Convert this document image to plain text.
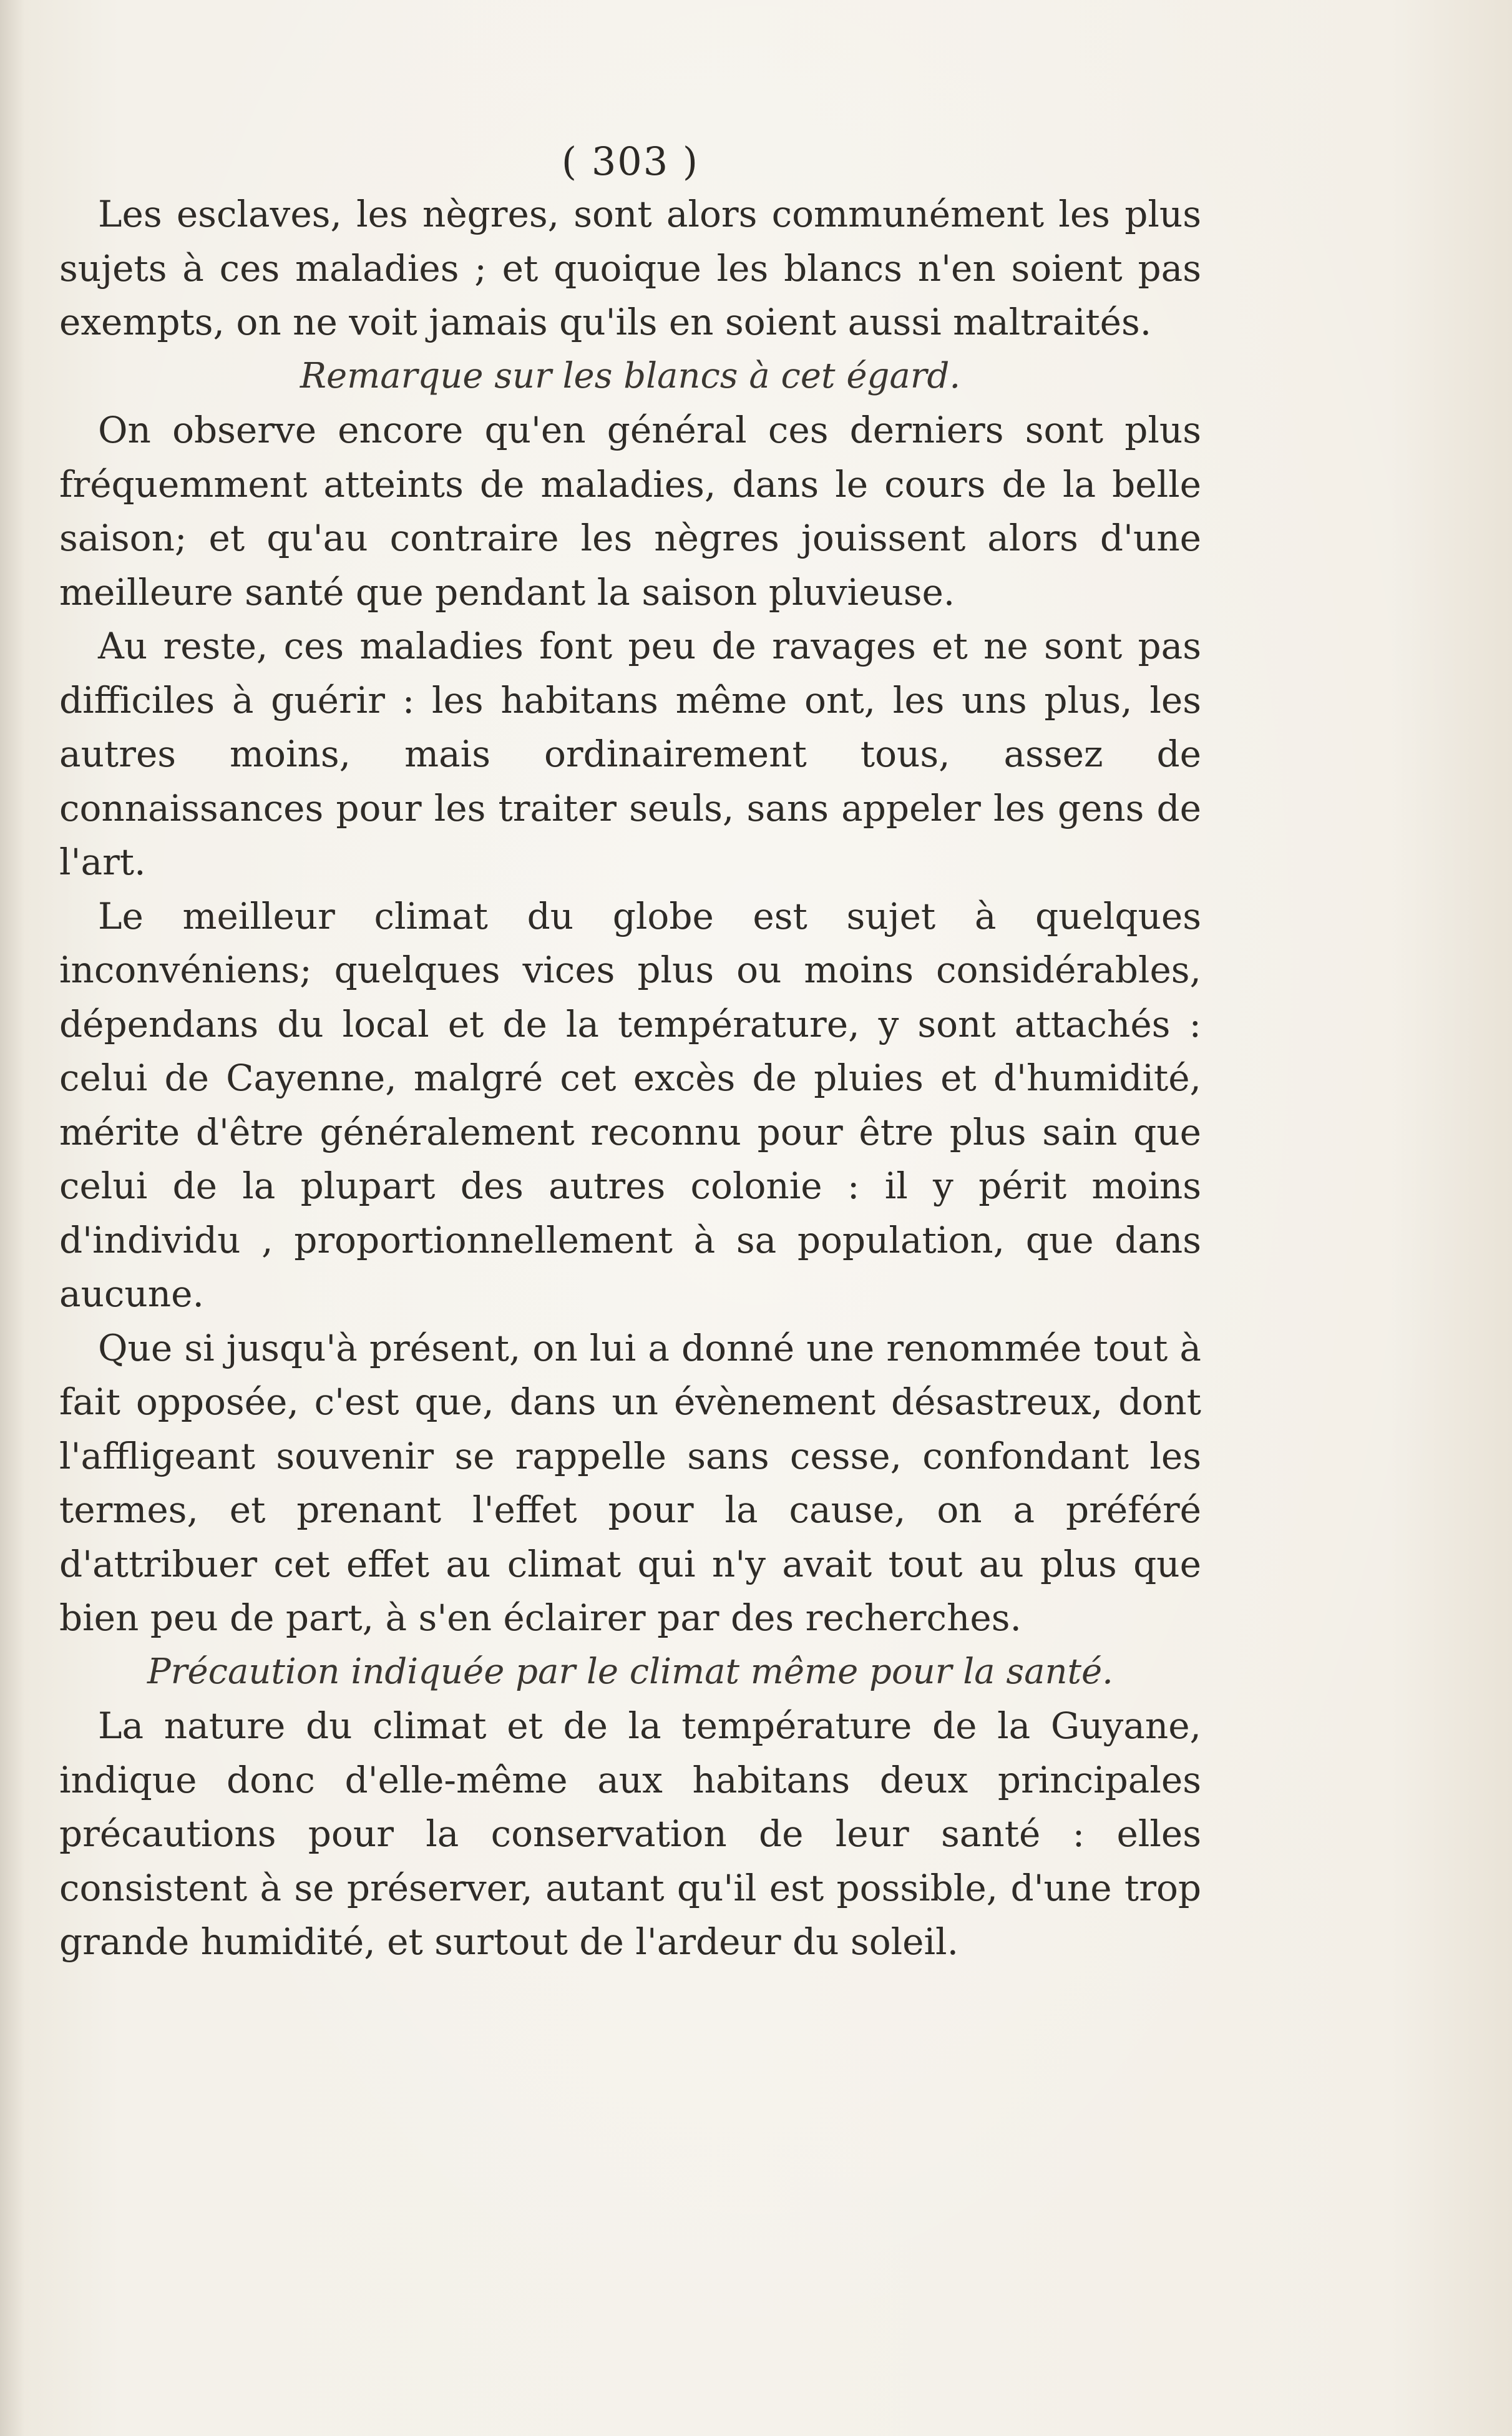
( 303 )

Les esclaves, les nègres, sont alors communément les plus sujets à ces maladies ; et quoique les blancs n'en soient pas exempts, on ne voit jamais qu'ils en soient aussi maltraités.

Remarque sur les blancs à cet égard.

On observe encore qu'en général ces derniers sont plus fréquemment atteints de maladies, dans le cours de la belle saison; et qu'au contraire les nègres jouissent alors d'une meilleure santé que pendant la saison pluvieuse.

Au reste, ces maladies font peu de ravages et ne sont pas difficiles à guérir : les habitans même ont, les uns plus, les autres moins, mais ordinairement tous, assez de connaissances pour les traiter seuls, sans appeler les gens de l'art.

Le meilleur climat du globe est sujet à quelques inconvéniens; quelques vices plus ou moins considérables, dépendans du local et de la température, y sont attachés : celui de Cayenne, malgré cet excès de pluies et d'humidité, mérite d'être généralement reconnu pour être plus sain que celui de la plupart des autres colonie : il y périt moins d'individu , proportionnellement à sa population, que dans aucune.

Que si jusqu'à présent, on lui a donné une renommée tout à fait opposée, c'est que, dans un évènement désastreux, dont l'affligeant souvenir se rappelle sans cesse, confondant les termes, et prenant l'effet pour la cause, on a préféré d'attribuer cet effet au climat qui n'y avait tout au plus que bien peu de part, à s'en éclairer par des recherches.

Précaution indiquée par le climat même pour la santé.

La nature du climat et de la température de la Guyane, indique donc d'elle-même aux habitans deux principales précautions pour la conservation de leur santé : elles consistent à se préserver, autant qu'il est possible, d'une trop grande humidité, et surtout de l'ardeur du soleil.
